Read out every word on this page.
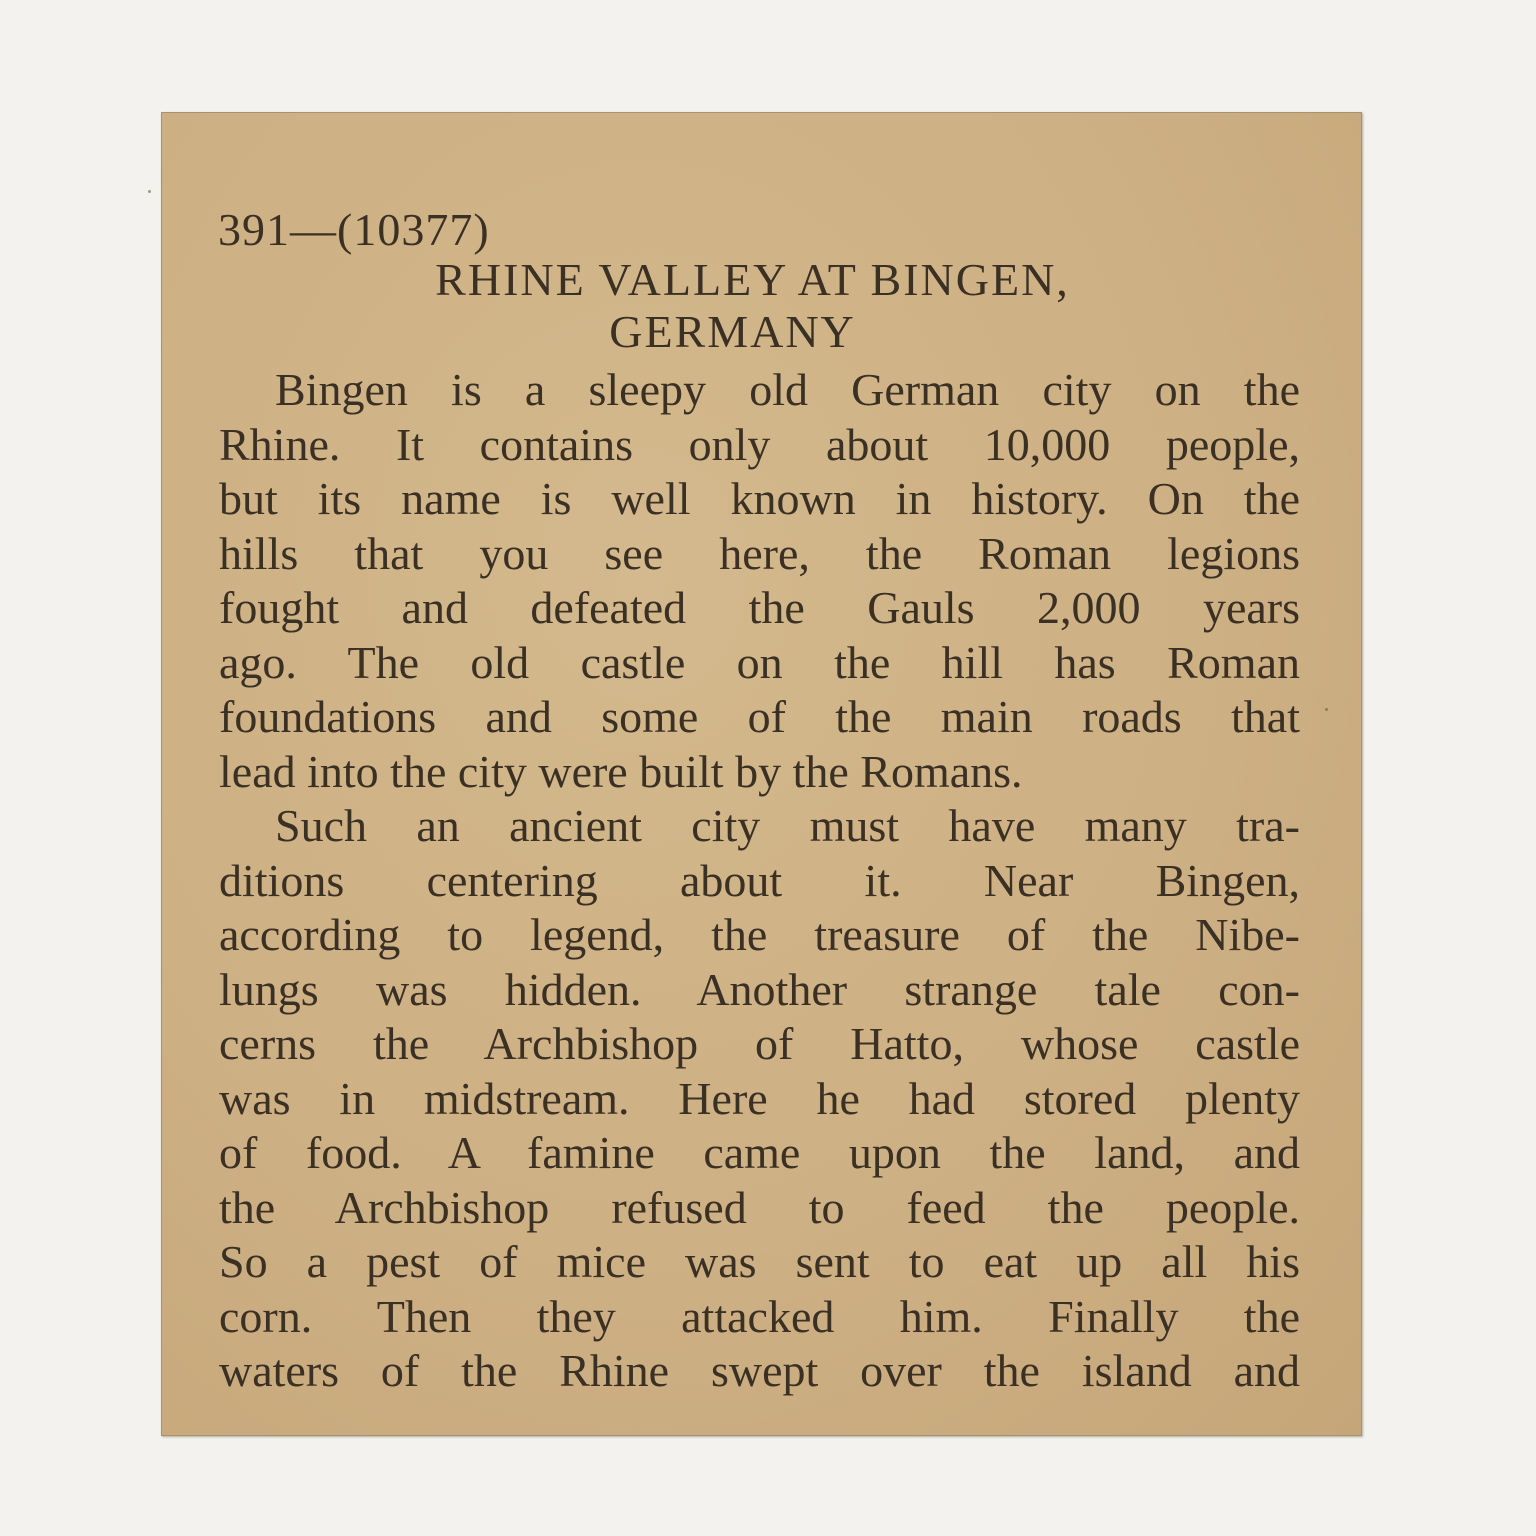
391—(10377)
RHINE VALLEY AT BINGEN,
GERMANY
Bingen is a sleepy old German city on the
Rhine. It contains only about 10,000 people,
but its name is well known in history. On the
hills that you see here, the Roman legions
fought and defeated the Gauls 2,000 years
ago. The old castle on the hill has Roman
foundations and some of the main roads that
lead into the city were built by the Romans.
Such an ancient city must have many tra-
ditions centering about it. Near Bingen,
according to legend, the treasure of the Nibe-
lungs was hidden. Another strange tale con-
cerns the Archbishop of Hatto, whose castle
was in midstream. Here he had stored plenty
of food. A famine came upon the land, and
the Archbishop refused to feed the people.
So a pest of mice was sent to eat up all his
corn. Then they attacked him. Finally the
waters of the Rhine swept over the island and
